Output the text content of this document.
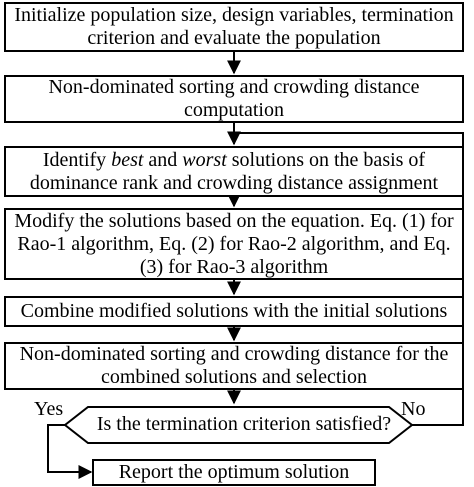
Initialize population size, design variables, termination criterion and evaluate the population
Non-dominated sorting and crowding distance computation
Identify best and worst solutions on the basis of dominance rank and crowding distance assignment
Modify the solutions based on the equation. Eq. (1) for Rao-1 algorithm, Eq. (2) for Rao-2 algorithm, and Eq. (3) for Rao-3 algorithm
Combine modified solutions with the initial solutions
Non-dominated sorting and crowding distance for the combined solutions and selection
Is the termination criterion satisfied?
Yes	No
Report the optimum solution
